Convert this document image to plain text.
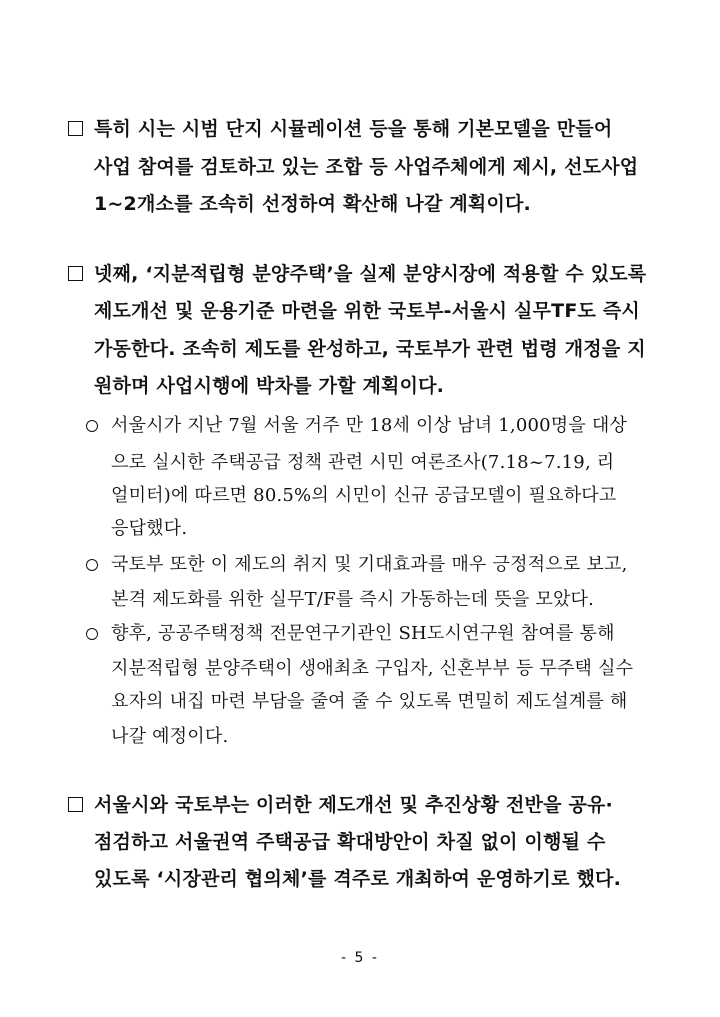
특히 시는 시범 단지 시뮬레이션 등을 통해 기본모델을 만들어
사업 참여를 검토하고 있는 조합 등 사업주체에게 제시, 선도사업
1~2개소를 조속히 선정하여 확산해 나갈 계획이다.
넷째, ‘지분적립형 분양주택’을 실제 분양시장에 적용할 수 있도록
제도개선 및 운용기준 마련을 위한 국토부-서울시 실무TF도 즉시
가동한다. 조속히 제도를 완성하고, 국토부가 관련 법령 개정을 지
원하며 사업시행에 박차를 가할 계획이다.
서울시가 지난 7월 서울 거주 만 18세 이상 남녀 1,000명을 대상
으로 실시한 주택공급 정책 관련 시민 여론조사(7.18~7.19, 리
얼미터)에 따르면 80.5%의 시민이 신규 공급모델이 필요하다고
응답했다.
국토부 또한 이 제도의 취지 및 기대효과를 매우 긍정적으로 보고,
본격 제도화를 위한 실무T/F를 즉시 가동하는데 뜻을 모았다.
향후, 공공주택정책 전문연구기관인 SH도시연구원 참여를 통해
지분적립형 분양주택이 생애최초 구입자, 신혼부부 등 무주택 실수
요자의 내집 마련 부담을 줄여 줄 수 있도록 면밀히 제도설계를 해
나갈 예정이다.
서울시와 국토부는 이러한 제도개선 및 추진상황 전반을 공유·
점검하고 서울권역 주택공급 확대방안이 차질 없이 이행될 수
있도록 ‘시장관리 협의체’를 격주로 개최하여 운영하기로 했다.
- 5 -
